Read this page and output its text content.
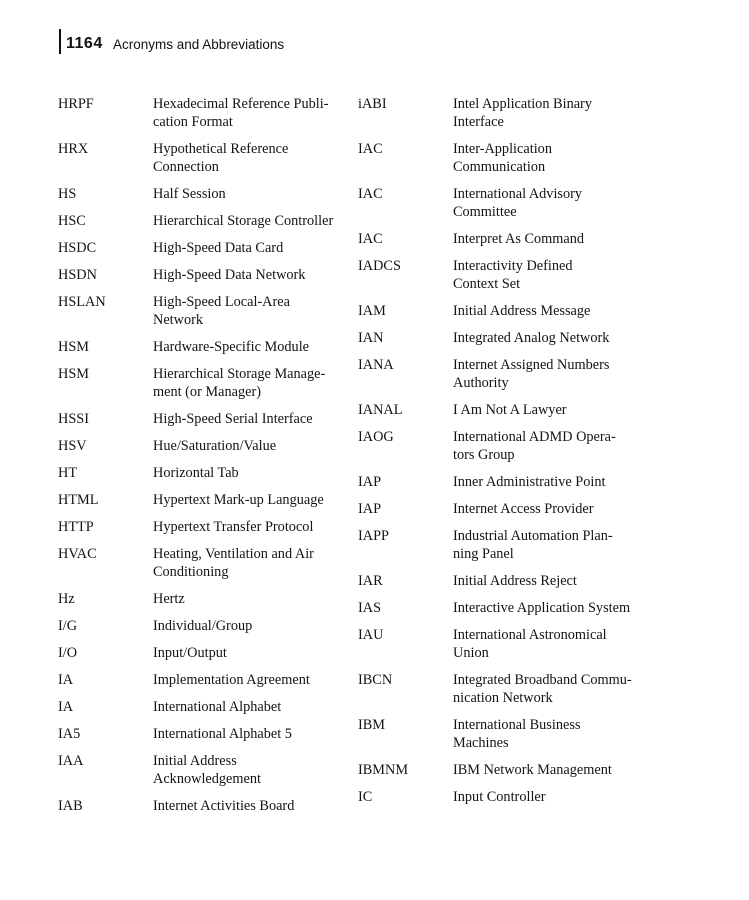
1164 Acronyms and Abbreviations
HRPF	Hexadecimal Reference Publi-
cation Format
HRX	Hypothetical Reference
Connection
HS	Half Session
HSC	Hierarchical Storage Controller
HSDC	High-Speed Data Card
HSDN	High-Speed Data Network
HSLAN	High-Speed Local-Area
Network
HSM	Hardware-Specific Module
HSM	Hierarchical Storage Manage-
ment (or Manager)
HSSI	High-Speed Serial Interface
HSV	Hue/Saturation/Value
HT	Horizontal Tab
HTML	Hypertext Mark-up Language
HTTP	Hypertext Transfer Protocol
HVAC	Heating, Ventilation and Air
Conditioning
Hz	Hertz
I/G	Individual/Group
I/O	Input/Output
IA	Implementation Agreement
IA	International Alphabet
IA5	International Alphabet 5
IAA	Initial Address
Acknowledgement
IAB	Internet Activities Board
iABI	Intel Application Binary
Interface
IAC	Inter-Application
Communication
IAC	International Advisory
Committee
IAC	Interpret As Command
IADCS	Interactivity Defined
Context Set
IAM	Initial Address Message
IAN	Integrated Analog Network
IANA	Internet Assigned Numbers
Authority
IANAL	I Am Not A Lawyer
IAOG	International ADMD Opera-
tors Group
IAP	Inner Administrative Point
IAP	Internet Access Provider
IAPP	Industrial Automation Plan-
ning Panel
IAR	Initial Address Reject
IAS	Interactive Application System
IAU	International Astronomical
Union
IBCN	Integrated Broadband Commu-
nication Network
IBM	International Business
Machines
IBMNM	IBM Network Management
IC	Input Controller
